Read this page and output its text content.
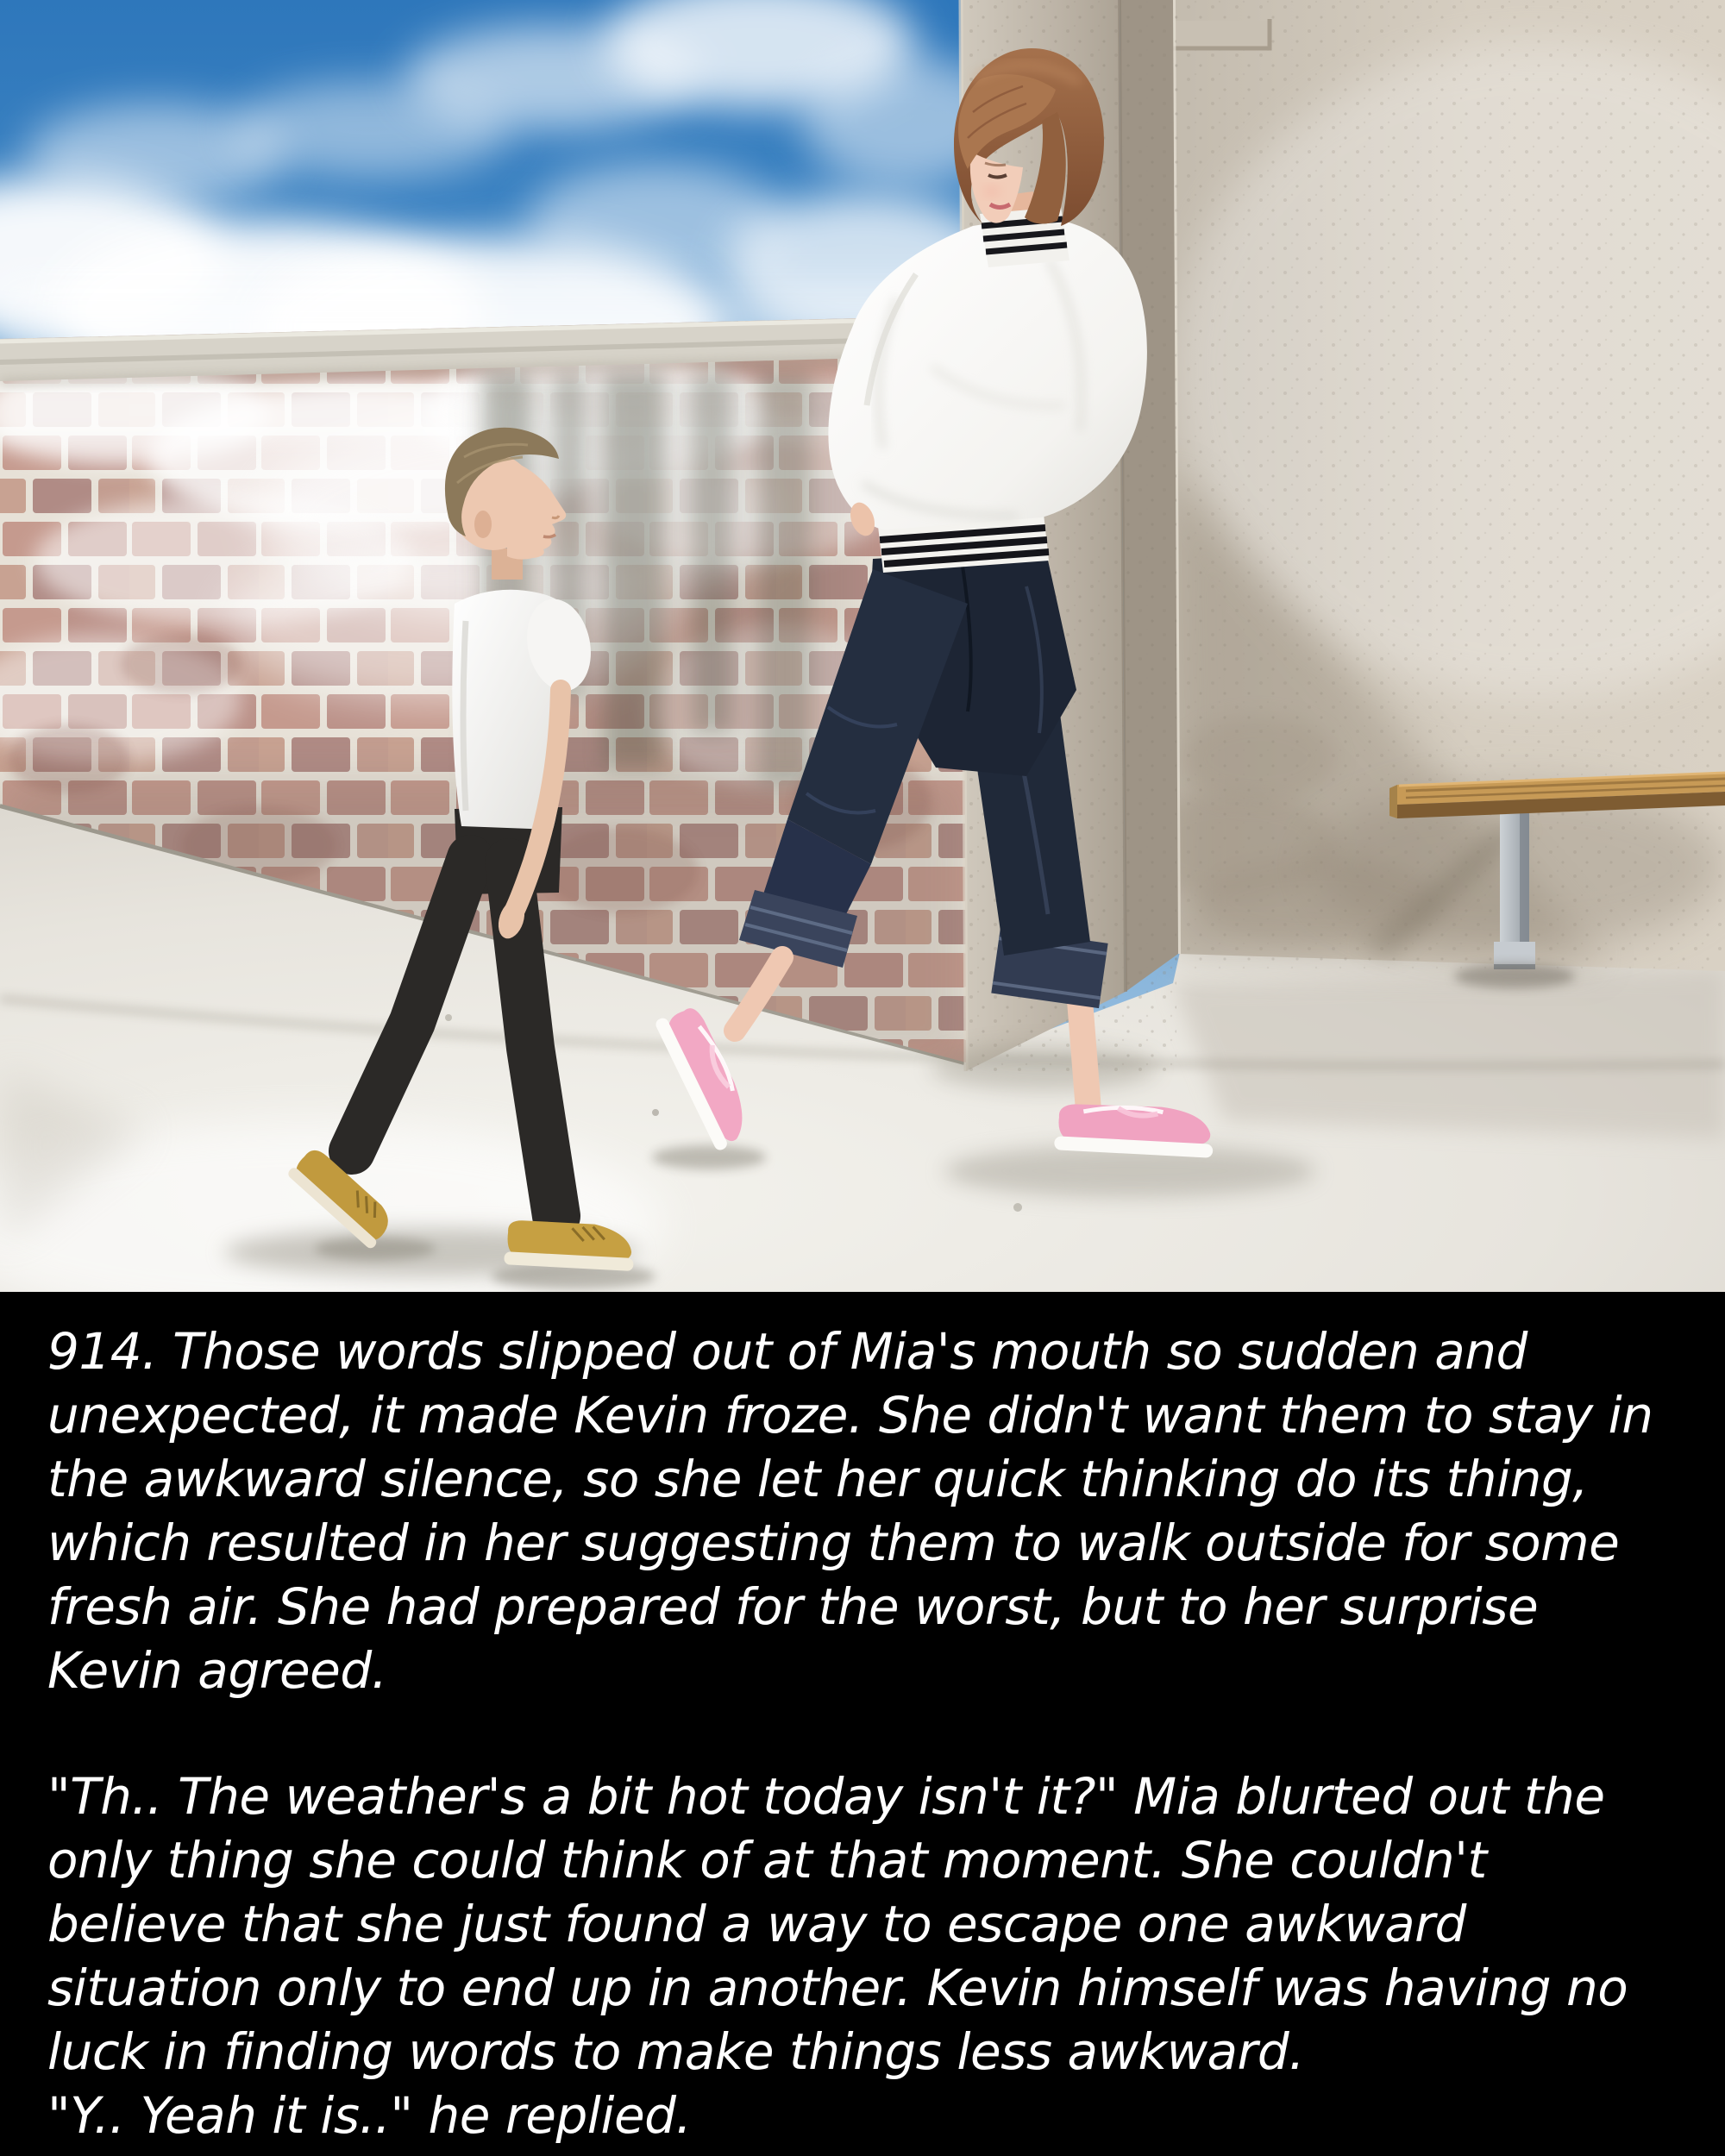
914. Those words slipped out of Mia's mouth so sudden and
unexpected, it made Kevin froze. She didn't want them to stay in
the awkward silence, so she let her quick thinking do its thing,
which resulted in her suggesting them to walk outside for some
fresh air. She had prepared for the worst, but to her surprise
Kevin agreed.
"Th.. The weather's a bit hot today isn't it?" Mia blurted out the
only thing she could think of at that moment. She couldn't
believe that she just found a way to escape one awkward
situation only to end up in another. Kevin himself was having no
luck in finding words to make things less awkward.
"Y.. Yeah it is.." he replied.
